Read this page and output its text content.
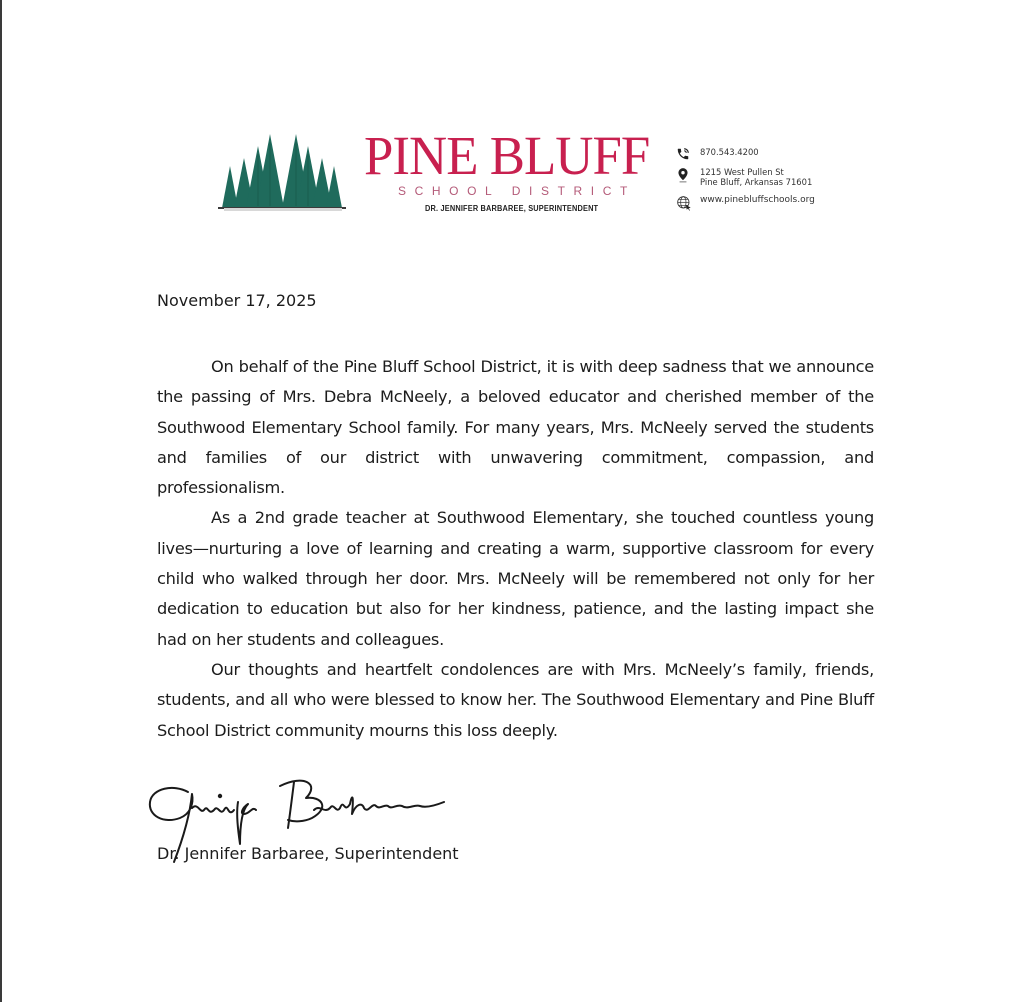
PINE BLUFF
SCHOOL DISTRICT
DR. JENNIFER BARBAREE, SUPERINTENDENT
870.543.4200
1215 West Pullen St
Pine Bluff, Arkansas 71601
www.pinebluffschools.org
November 17, 2025

On behalf of the Pine Bluff School District, it is with deep sadness that we announce the passing of Mrs. Debra McNeely, a beloved educator and cherished member of the Southwood Elementary School family. For many years, Mrs. McNeely served the students and families of our district with unwavering commitment, compassion, and professionalism.

As a 2nd grade teacher at Southwood Elementary, she touched countless young lives—nurturing a love of learning and creating a warm, supportive classroom for every child who walked through her door. Mrs. McNeely will be remembered not only for her dedication to education but also for her kindness, patience, and the lasting impact she had on her students and colleagues.

Our thoughts and heartfelt condolences are with Mrs. McNeely’s family, friends, students, and all who were blessed to know her. The Southwood Elementary and Pine Bluff School District community mourns this loss deeply.

Dr. Jennifer Barbaree, Superintendent
